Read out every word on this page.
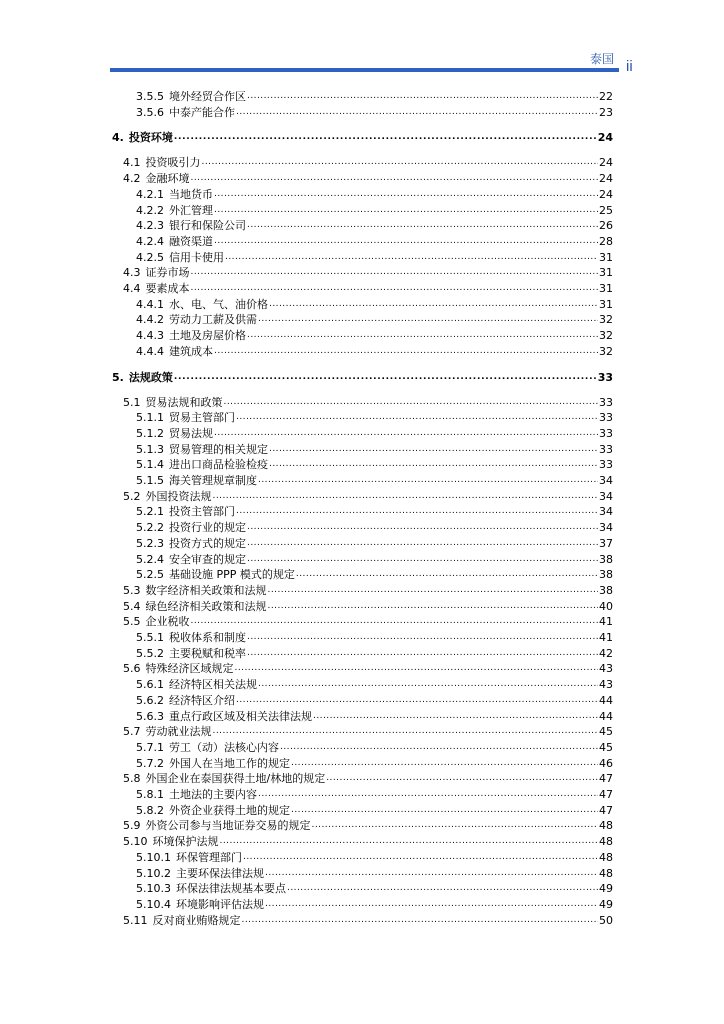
泰国 ii
3.5.5 境外经贸合作区 . . .	22
3.5.6 中泰产能合作 . . .	23
4. 投资环境 . . .	24
4.1 投资吸引力 . . .	24
4.2 金融环境 . . .	24
4.2.1 当地货币 . . .	24
4.2.2 外汇管理 . . .	25
4.2.3 银行和保险公司 . . .	26
4.2.4 融资渠道 . . .	28
4.2.5 信用卡使用 . . .	31
4.3 证券市场 . . .	31
4.4 要素成本 . . .	31
4.4.1 水、电、气、油价格 . . .	31
4.4.2 劳动力工薪及供需 . . .	32
4.4.3 土地及房屋价格 . . .	32
4.4.4 建筑成本 . . .	32
5. 法规政策 . . .	33
5.1 贸易法规和政策 . . .	33
5.1.1 贸易主管部门 . . .	33
5.1.2 贸易法规 . . .	33
5.1.3 贸易管理的相关规定 . . .	33
5.1.4 进出口商品检验检疫 . . .	33
5.1.5 海关管理规章制度 . . .	34
5.2 外国投资法规 . . .	34
5.2.1 投资主管部门 . . .	34
5.2.2 投资行业的规定 . . .	34
5.2.3 投资方式的规定 . . .	37
5.2.4 安全审查的规定 . . .	38
5.2.5 基础设施 PPP 模式的规定 . . .	38
5.3 数字经济相关政策和法规 . . .	38
5.4 绿色经济相关政策和法规 . . .	40
5.5 企业税收 . . .	41
5.5.1 税收体系和制度 . . .	41
5.5.2 主要税赋和税率 . . .	42
5.6 特殊经济区域规定 . . .	43
5.6.1 经济特区相关法规 . . .	43
5.6.2 经济特区介绍 . . .	44
5.6.3 重点行政区域及相关法律法规 . . .	44
5.7 劳动就业法规 . . .	45
5.7.1 劳工（动）法核心内容 . . .	45
5.7.2 外国人在当地工作的规定 . . .	46
5.8 外国企业在泰国获得土地/林地的规定 . . .	47
5.8.1 土地法的主要内容 . . .	47
5.8.2 外资企业获得土地的规定 . . .	47
5.9 外资公司参与当地证券交易的规定 . . .	48
5.10 环境保护法规 . . .	48
5.10.1 环保管理部门 . . .	48
5.10.2 主要环保法律法规 . . .	48
5.10.3 环保法律法规基本要点 . . .	49
5.10.4 环境影响评估法规 . . .	49
5.11 反对商业贿赂规定 . . .	50
